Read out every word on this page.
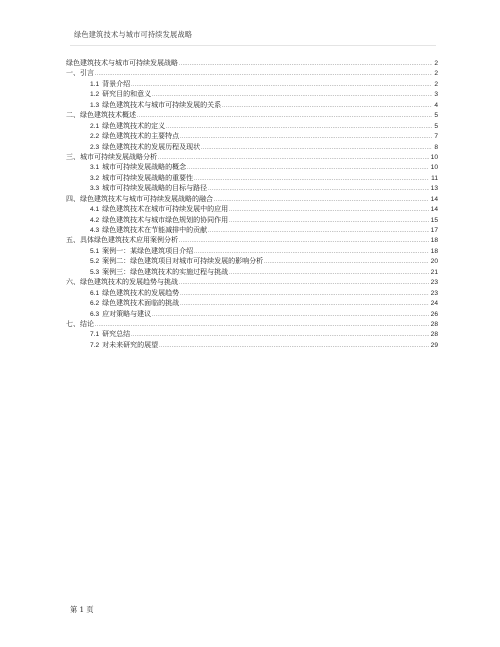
绿色建筑技术与城市可持续发展战略
绿色建筑技术与城市可持续发展战略 .....	2
一、引言 .....	2
1.1 背景介绍 .....	2
1.2 研究目的和意义 .....	3
1.3 绿色建筑技术与城市可持续发展的关系 .....	4
二、绿色建筑技术概述 .....	5
2.1 绿色建筑技术的定义 .....	5
2.2 绿色建筑技术的主要特点 .....	7
2.3 绿色建筑技术的发展历程及现状 .....	8
三、城市可持续发展战略分析 .....	10
3.1 城市可持续发展战略的概念 .....	10
3.2 城市可持续发展战略的重要性 .....	11
3.3 城市可持续发展战略的目标与路径 .....	13
四、绿色建筑技术与城市可持续发展战略的融合 .....	14
4.1 绿色建筑技术在城市可持续发展中的应用 .....	14
4.2 绿色建筑技术与城市绿色规划的协同作用 .....	15
4.3 绿色建筑技术在节能减排中的贡献 .....	17
五、具体绿色建筑技术应用案例分析 .....	18
5.1 案例一：某绿色建筑项目介绍 .....	18
5.2 案例二：绿色建筑项目对城市可持续发展的影响分析 .....	20
5.3 案例三：绿色建筑技术的实施过程与挑战 .....	21
六、绿色建筑技术的发展趋势与挑战 .....	23
6.1 绿色建筑技术的发展趋势 .....	23
6.2 绿色建筑技术面临的挑战 .....	24
6.3 应对策略与建议 .....	26
七、结论 .....	28
7.1 研究总结 .....	28
7.2 对未来研究的展望 .....	29
第 1 页
